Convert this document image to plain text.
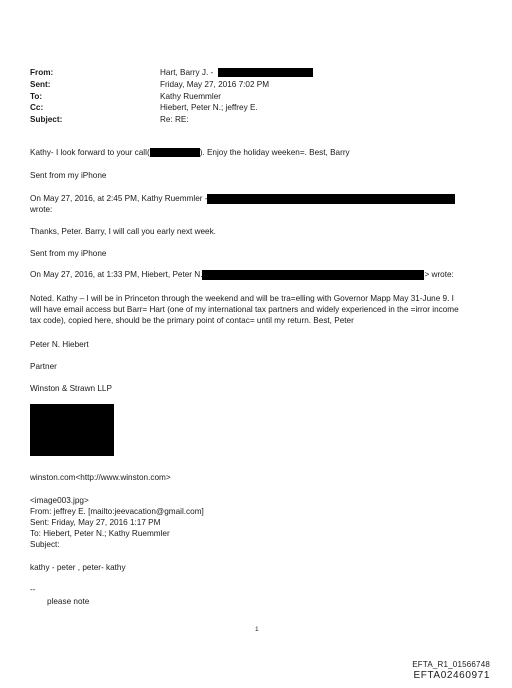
From:	Hart, Barry J. -
Sent:	Friday, May 27, 2016 7:02 PM
To:	Kathy Ruemmler
Cc:	Hiebert, Peter N.; jeffrey E.
Subject:	Re: RE:
Kathy- I look forward to your call(	). Enjoy the holiday weeken=. Best, Barry
Sent from my iPhone
On May 27, 2016, at 2:45 PM, Kathy Ruemmler -
wrote:
Thanks, Peter. Barry, I will call you early next week.
Sent from my iPhone
On May 27, 2016, at 1:33 PM, Hiebert, Peter N.	> wrote:
Noted. Kathy – I will be in Princeton through the weekend and will be tra=elling with Governor Mapp May 31-June 9. I
will have email access but Barr= Hart (one of my international tax partners and widely experienced in the =irror income
tax code), copied here, should be the primary point of contac= until my return. Best, Peter
Peter N. Hiebert
Partner
Winston & Strawn LLP
winston.com<http://www.winston.com>
<image003.jpg>
From: jeffrey E. [mailto:jeevacation@gmail.com]
Sent: Friday, May 27, 2016 1:17 PM
To: Hiebert, Peter N.; Kathy Ruemmler
Subject:
kathy - peter , peter- kathy
--
please note
1
EFTA_R1_01566748
EFTA02460971
